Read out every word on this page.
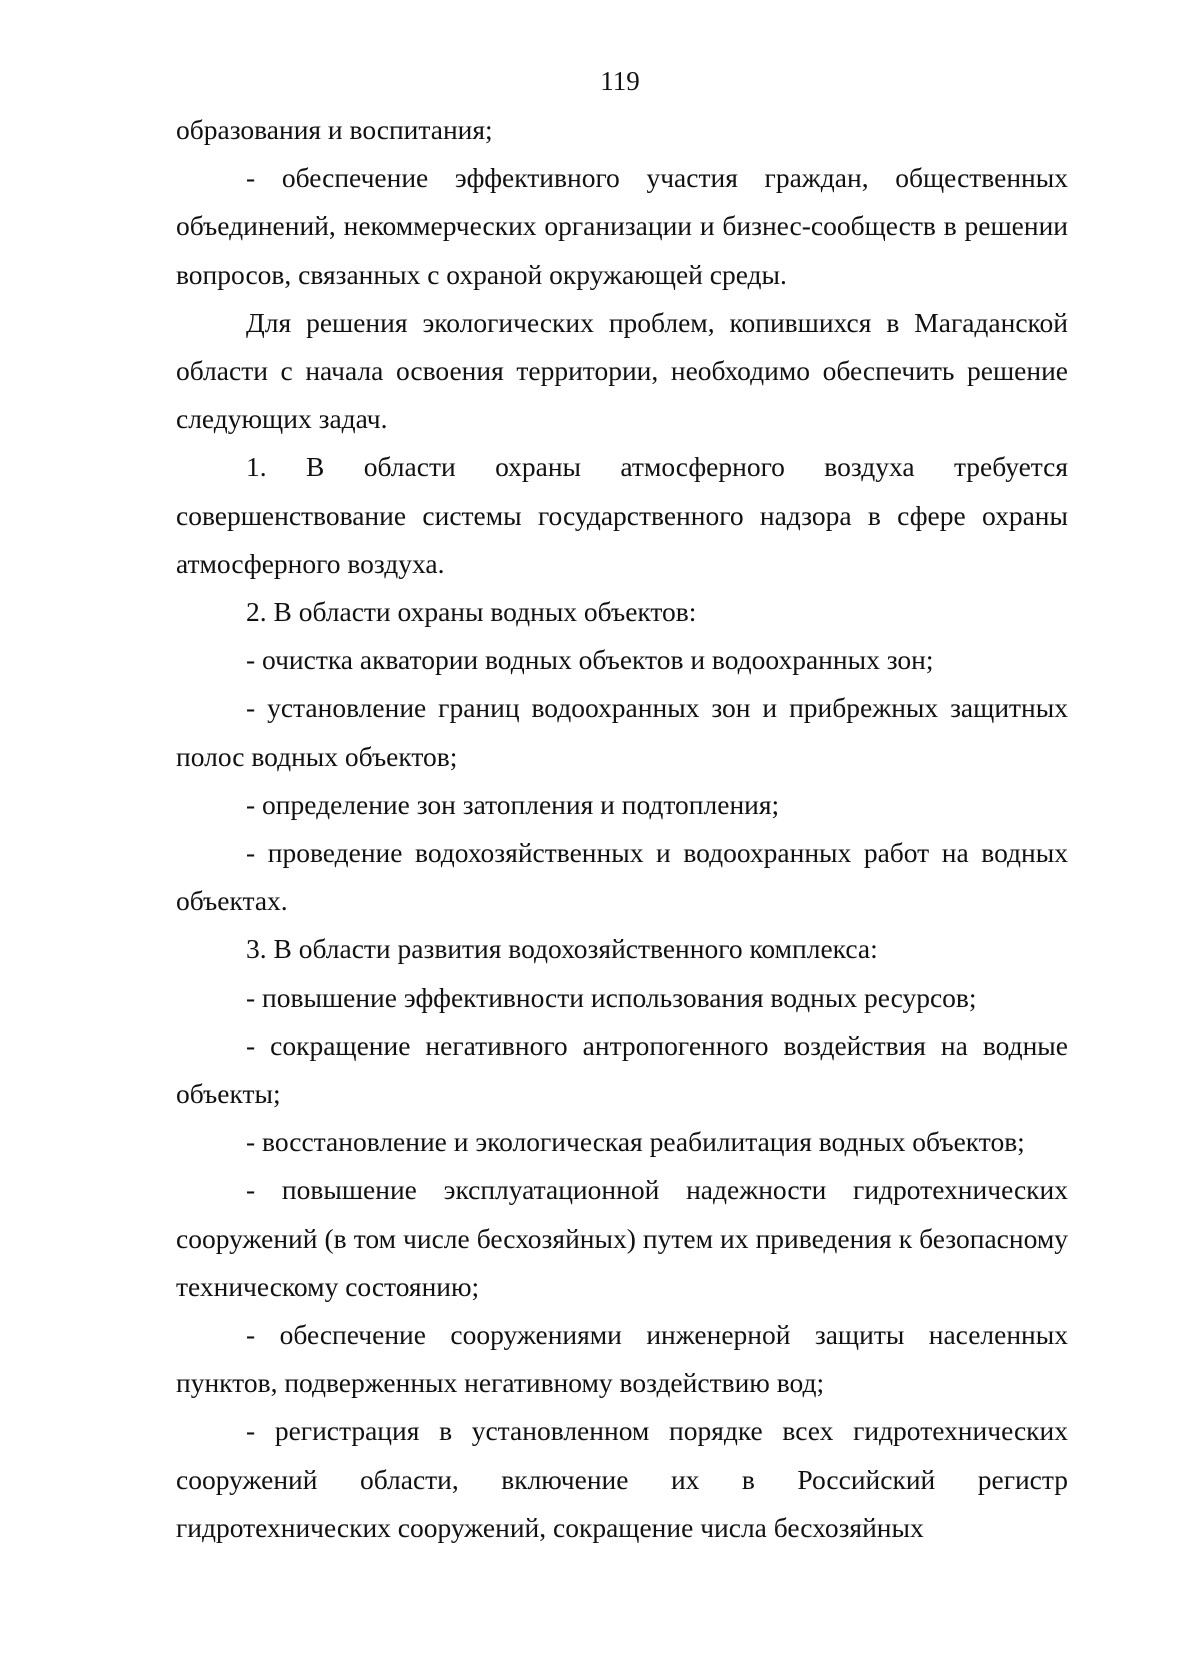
119

образования и воспитания;

- обеспечение эффективного участия граждан, общественных объединений, некоммерческих организации и бизнес-сообществ в решении вопросов, связанных с охраной окружающей среды.

Для решения экологических проблем, копившихся в Магаданской области с начала освоения территории, необходимо обеспечить решение следующих задач.

1. В области охраны атмосферного воздуха требуется совершенствование системы государственного надзора в сфере охраны атмосферного воздуха.

2. В области охраны водных объектов:

- очистка акватории водных объектов и водоохранных зон;

- установление границ водоохранных зон и прибрежных защитных полос водных объектов;

- определение зон затопления и подтопления;

- проведение водохозяйственных и водоохранных работ на водных объектах.

3. В области развития водохозяйственного комплекса:

- повышение эффективности использования водных ресурсов;

- сокращение негативного антропогенного воздействия на водные объекты;

- восстановление и экологическая реабилитация водных объектов;

- повышение эксплуатационной надежности гидротехнических сооружений (в том числе бесхозяйных) путем их приведения к безопасному техническому состоянию;

- обеспечение сооружениями инженерной защиты населенных пунктов, подверженных негативному воздействию вод;

- регистрация в установленном порядке всех гидротехнических сооружений области, включение их в Российский регистр гидротехнических сооружений, сокращение числа бесхозяйных
